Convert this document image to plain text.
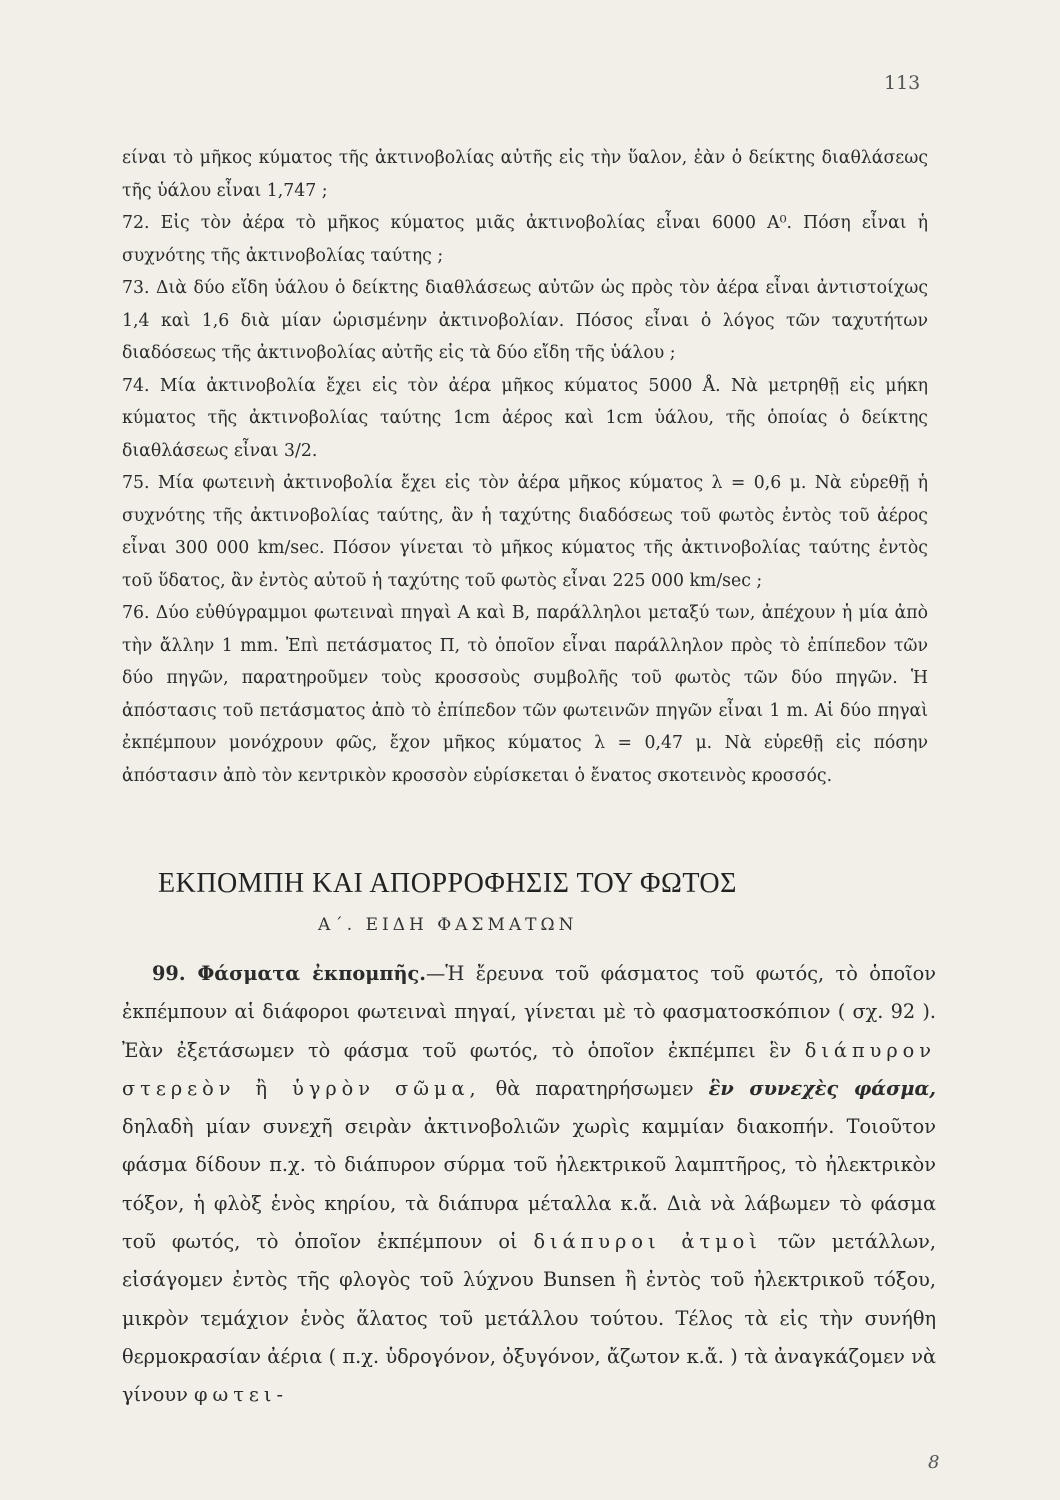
113

είναι τὸ μῆκος κύματος τῆς ἀκτινοβολίας αὐτῆς εἰς τὴν ὕαλον, ἐὰν ὁ δείκτης διαθλάσεως τῆς ὑάλου εἶναι 1,747 ;

72. Εἰς τὸν ἀέρα τὸ μῆκος κύματος μιᾶς ἀκτινοβολίας εἶναι 6000 A⁰. Πόση εἶναι ἡ συχνότης τῆς ἀκτινοβολίας ταύτης ;

73. Διὰ δύο εἴδη ὑάλου ὁ δείκτης διαθλάσεως αὐτῶν ὡς πρὸς τὸν ἀέρα εἶναι ἀντιστοίχως 1,4 καὶ 1,6 διὰ μίαν ὡρισμένην ἀκτινοβολίαν. Πόσος εἶναι ὁ λόγος τῶν ταχυτήτων διαδόσεως τῆς ἀκτινοβολίας αὐτῆς εἰς τὰ δύο εἴδη τῆς ὑάλου ;

74. Μία ἀκτινοβολία ἔχει εἰς τὸν ἀέρα μῆκος κύματος 5000 Å. Νὰ μετρηθῇ εἰς μήκη κύματος τῆς ἀκτινοβολίας ταύτης 1cm ἀέρος καὶ 1cm ὑάλου, τῆς ὁποίας ὁ δείκτης διαθλάσεως εἶναι 3/2.

75. Μία φωτεινὴ ἀκτινοβολία ἔχει εἰς τὸν ἀέρα μῆκος κύματος λ = 0,6 μ. Νὰ εὑρεθῇ ἡ συχνότης τῆς ἀκτινοβολίας ταύτης, ἂν ἡ ταχύτης διαδόσεως τοῦ φωτὸς ἐντὸς τοῦ ἀέρος εἶναι 300 000 km/sec. Πόσον γίνεται τὸ μῆκος κύματος τῆς ἀκτινοβολίας ταύτης ἐντὸς τοῦ ὕδατος, ἂν ἐντὸς αὐτοῦ ἡ ταχύτης τοῦ φωτὸς εἶναι 225 000 km/sec ;

76. Δύο εὐθύγραμμοι φωτειναὶ πηγαὶ Α καὶ Β, παράλληλοι μεταξύ των, ἀπέχουν ἡ μία ἀπὸ τὴν ἄλλην 1 mm. Ἐπὶ πετάσματος Π, τὸ ὁποῖον εἶναι παράλληλον πρὸς τὸ ἐπίπεδον τῶν δύο πηγῶν, παρατηροῦμεν τοὺς κροσσοὺς συμβολῆς τοῦ φωτὸς τῶν δύο πηγῶν. Ἡ ἀπόστασις τοῦ πετάσματος ἀπὸ τὸ ἐπίπεδον τῶν φωτεινῶν πηγῶν εἶναι 1 m. Αἱ δύο πηγαὶ ἐκπέμπουν μονόχρουν φῶς, ἔχον μῆκος κύματος λ = 0,47 μ. Νὰ εὑρεθῇ εἰς πόσην ἀπόστασιν ἀπὸ τὸν κεντρικὸν κροσσὸν εὑρίσκεται ὁ ἔνατος σκοτεινὸς κροσσός.

ΕΚΠΟΜΠΗ ΚΑΙ ΑΠΟΡΡΟΦΗΣΙΣ ΤΟΥ ΦΩΤΟΣ
Α΄. ΕΙΔΗ ΦΑΣΜΑΤΩΝ

99. Φάσματα ἐκπομπῆς.—Ἡ ἔρευνα τοῦ φάσματος τοῦ φωτός, τὸ ὁποῖον ἐκπέμπουν αἱ διάφοροι φωτειναὶ πηγαί, γίνεται μὲ τὸ φασματοσκόπιον ( σχ. 92 ). Ἐὰν ἐξετάσωμεν τὸ φάσμα τοῦ φωτός, τὸ ὁποῖον ἐκπέμπει ἓν διάπυρον στερεὸν ἢ ὑγρὸν σῶμα, θὰ παρατηρήσωμεν ἓν συνεχὲς φάσμα, δηλαδὴ μίαν συνεχῆ σειρὰν ἀκτινοβολιῶν χωρὶς καμμίαν διακοπήν. Τοιοῦτον φάσμα δίδουν π.χ. τὸ διάπυρον σύρμα τοῦ ἠλεκτρικοῦ λαμπτῆρος, τὸ ἠλεκτρικὸν τόξον, ἡ φλὸξ ἑνὸς κηρίου, τὰ διάπυρα μέταλλα κ.ἄ. Διὰ νὰ λάβωμεν τὸ φάσμα τοῦ φωτός, τὸ ὁποῖον ἐκπέμπουν οἱ διάπυροι ἀτμοὶ τῶν μετάλλων, εἰσάγομεν ἐντὸς τῆς φλογὸς τοῦ λύχνου Bunsen ἢ ἐντὸς τοῦ ἠλεκτρικοῦ τόξου, μικρὸν τεμάχιον ἑνὸς ἅλατος τοῦ μετάλλου τούτου. Τέλος τὰ εἰς τὴν συνήθη θερμοκρασίαν ἀέρια ( π.χ. ὑδρογόνον, ὀξυγόνον, ἄζωτον κ.ἄ. ) τὰ ἀναγκάζομεν νὰ γίνουν φωτει-

8
